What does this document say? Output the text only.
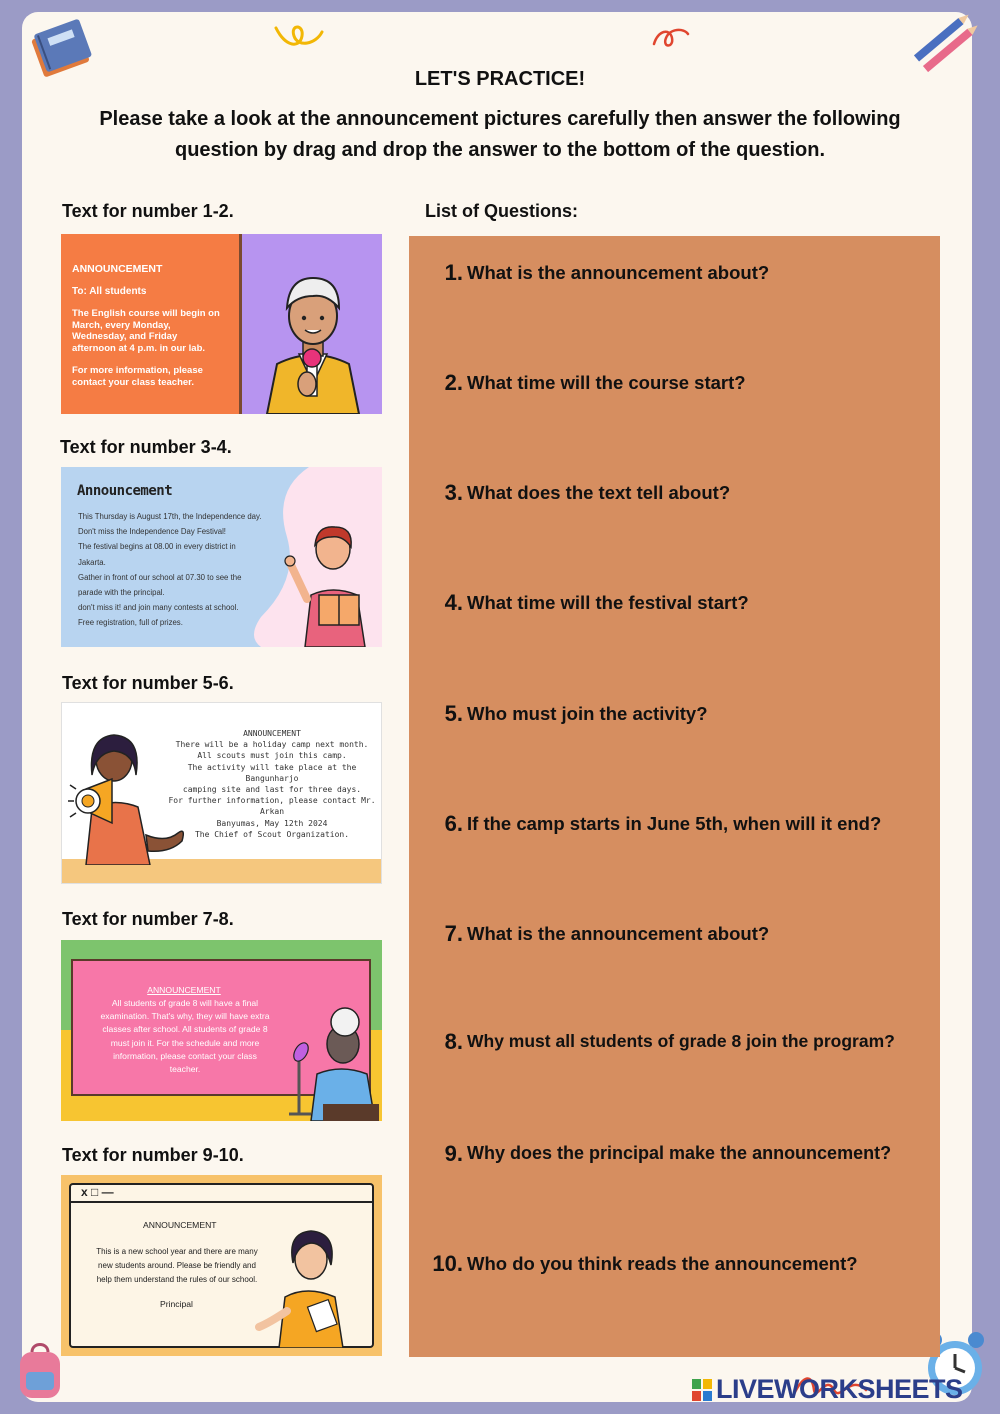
LET'S PRACTICE!
Please take a look at the announcement pictures carefully then answer the following question by drag and drop the answer to the bottom of the question.
Text for number 1-2.
Text for number 3-4.
Text for number 5-6.
Text for number 7-8.
Text for number 9-10.
ANNOUNCEMENT
To: All students
The English course will begin on
March, every Monday,
Wednesday, and Friday
afternoon at 4 p.m. in our lab.
For more information, please
contact your class teacher.
Announcement
This Thursday is August 17th, the Independence day.
Don't miss the Independence Day Festival!
The festival begins at 08.00 in every district in
Jakarta.
Gather in front of our school at 07.30 to see the
parade with the principal.
don't miss it! and join many contests at school.
Free registration, full of prizes.
ANNOUNCEMENT
There will be a holiday camp next month.
All scouts must join this camp.
The activity will take place at the Bangunharjo
camping site and last for three days.
For further information, please contact Mr. Arkan
Banyumas, May 12th 2024
The Chief of Scout Organization.
ANNOUNCEMENT
All students of grade 8 will have a final
examination. That's why, they will have extra
classes after school. All students of grade 8
must join it. For the schedule and more
information, please contact your class
teacher.
x □ —
ANNOUNCEMENT
This is a new school year and there are many
new students around. Please be friendly and
help them understand the rules of our school.
Principal
List of Questions:
1. What is the announcement about?
2. What time will the course start?
3. What does the text tell about?
4. What time will the festival start?
5. Who must join the activity?
6. If the camp starts in June 5th, when will it end?
7. What is the announcement about?
8. Why must all students of grade 8 join the program?
9. Why does the principal make the announcement?
10. Who do you think reads the announcement?
LIVEWORKSHEETS
